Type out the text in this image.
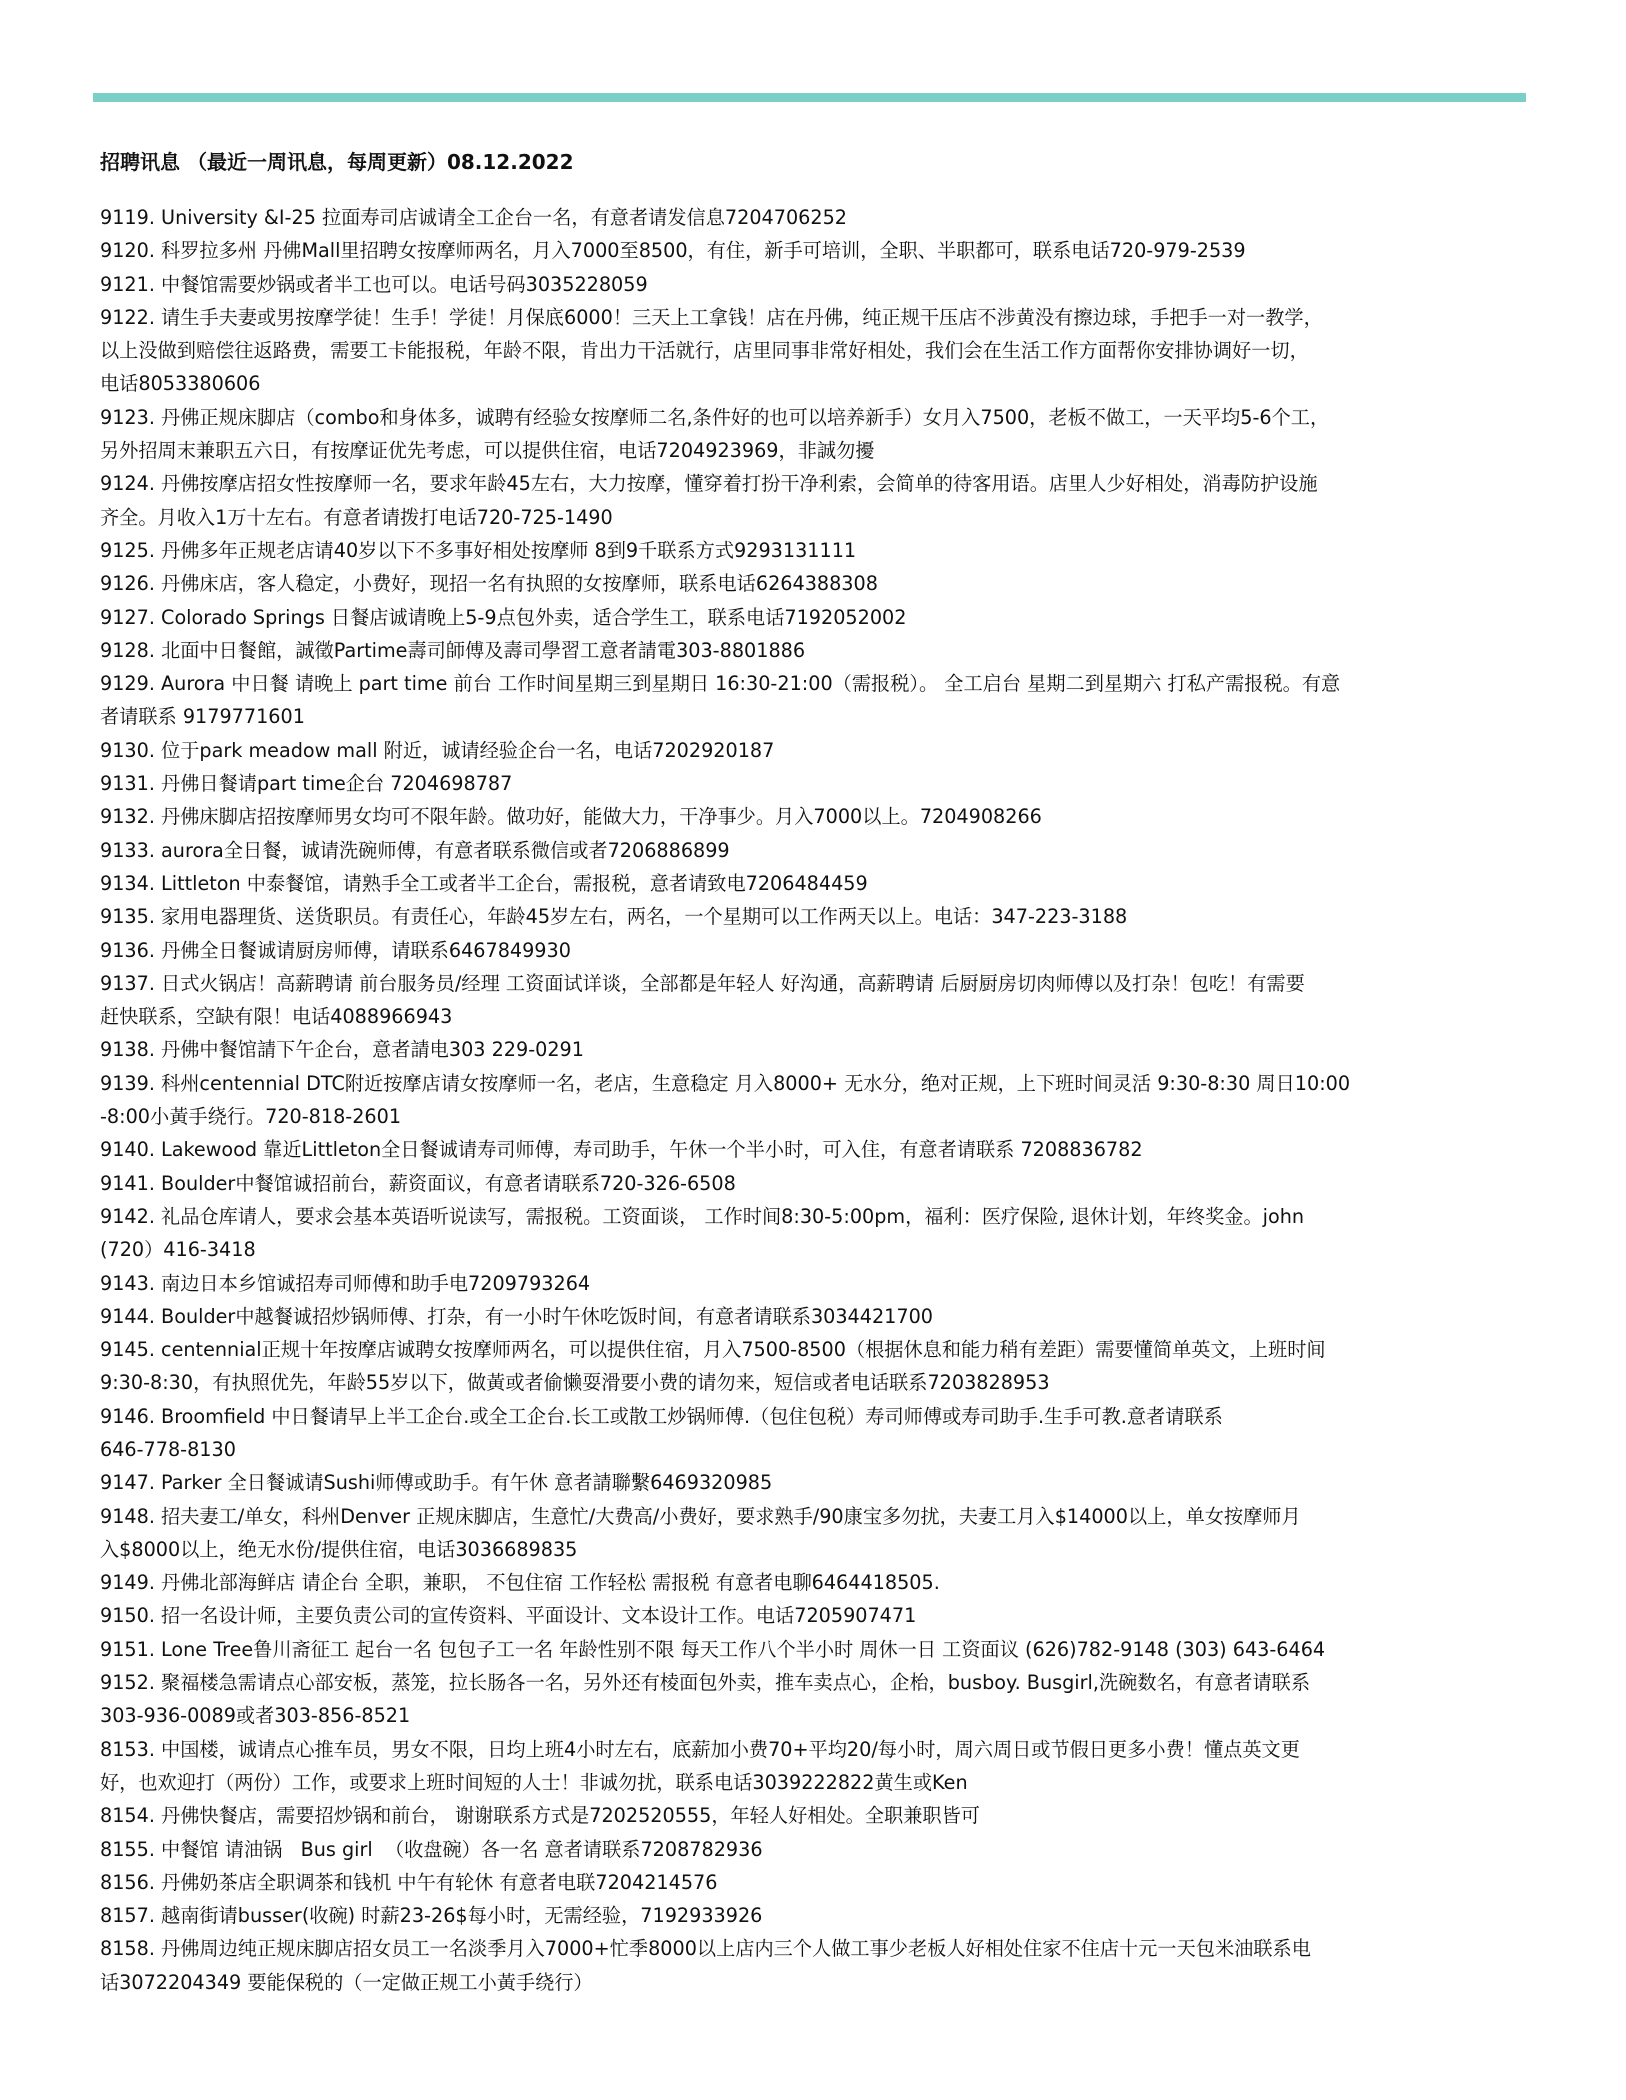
招聘讯息 （最近一周讯息，每周更新）08.12.2022
9119. University &I-25 拉面寿司店诚请全工企台一名，有意者请发信息7204706252
9120. 科罗拉多州 丹佛Mall里招聘女按摩师两名，月入7000至8500，有住，新手可培训，全职、半职都可，联系电话720-979-2539
9121. 中餐馆需要炒锅或者半工也可以。电话号码3035228059
9122. 请生手夫妻或男按摩学徒！生手！学徒！月保底6000！三天上工拿钱！店在丹佛，纯正规干压店不涉黄没有擦边球，手把手一对一教学，
以上没做到赔偿往返路费，需要工卡能报税，年龄不限，肯出力干活就行，店里同事非常好相处，我们会在生活工作方面帮你安排协调好一切，
电话8053380606
9123. 丹佛正规床脚店（combo和身体多，诚聘有经验女按摩师二名,条件好的也可以培养新手）女月入7500，老板不做工，一天平均5-6个工，
另外招周末兼职五六日，有按摩证优先考虑，可以提供住宿，电话7204923969，非誠勿擾
9124. 丹佛按摩店招女性按摩师一名，要求年龄45左右，大力按摩，懂穿着打扮干净利索，会简单的待客用语。店里人少好相处，消毒防护设施
齐全。月收入1万十左右。有意者请拨打电话720-725-1490
9125. 丹佛多年正规老店请40岁以下不多事好相处按摩师 8到9千联系方式9293131111
9126. 丹佛床店，客人稳定，小费好，现招一名有执照的女按摩师，联系电话6264388308
9127. Colorado Springs 日餐店诚请晚上5-9点包外卖，适合学生工，联系电话7192052002
9128. 北面中日餐館，誠徵Partime壽司師傅及壽司學習工意者請電303-8801886
9129. Aurora 中日餐 请晚上 part time 前台 工作时间星期三到星期日 16:30-21:00（需报税）。 全工启台 星期二到星期六 打私产需报税。有意
者请联系 9179771601
9130. 位于park meadow mall 附近，诚请经验企台一名，电话7202920187
9131. 丹佛日餐请part time企台 7204698787
9132. 丹佛床脚店招按摩师男女均可不限年龄。做功好，能做大力，干净事少。月入7000以上。7204908266
9133. aurora全日餐，诚请洗碗师傅，有意者联系微信或者7206886899
9134. Littleton 中泰餐馆，请熟手全工或者半工企台，需报税，意者请致电7206484459
9135. 家用电器理货、送货职员。有责任心，年龄45岁左右，两名，一个星期可以工作两天以上。电话：347-223-3188
9136. 丹佛全日餐诚请厨房师傅，请联系6467849930
9137. 日式火锅店！高薪聘请 前台服务员/经理 工资面试详谈，全部都是年轻人 好沟通，高薪聘请 后厨厨房切肉师傅以及打杂！包吃！有需要
赶快联系，空缺有限！电话4088966943
9138. 丹佛中餐馆請下午企台，意者請电303 229-0291
9139. 科州centennial DTC附近按摩店请女按摩师一名，老店，生意稳定 月入8000+ 无水分，绝对正规，上下班时间灵活 9:30-8:30 周日10:00
-8:00小黃手绕行。720-818-2601
9140. Lakewood 靠近Littleton全日餐诚请寿司师傅，寿司助手，午休一个半小时，可入住，有意者请联系 7208836782
9141. Boulder中餐馆诚招前台，薪资面议，有意者请联系720-326-6508
9142. 礼品仓库请人，要求会基本英语听说读写，需报税。工资面谈， 工作时间8:30-5:00pm，福利：医疗保险, 退休计划，年终奖金。john
(720）416-3418
9143. 南边日本乡馆诚招寿司师傅和助手电7209793264
9144. Boulder中越餐诚招炒锅师傅、打杂，有一小时午休吃饭时间，有意者请联系3034421700
9145. centennial正规十年按摩店诚聘女按摩师两名，可以提供住宿，月入7500-8500（根据休息和能力稍有差距）需要懂简单英文，上班时间
9:30-8:30，有执照优先，年龄55岁以下，做黃或者偷懒耍滑要小费的请勿来，短信或者电话联系7203828953
9146. Broomfield 中日餐请早上半工企台.或全工企台.长工或散工炒锅师傅.（包住包税）寿司师傅或寿司助手.生手可教.意者请联系
646-778-8130
9147. Parker 全日餐诚请Sushi师傅或助手。有午休 意者請聯繫6469320985
9148. 招夫妻工/单女，科州Denver 正规床脚店，生意忙/大费高/小费好，要求熟手/90康宝多勿扰，夫妻工月入$14000以上，单女按摩师月
入$8000以上，绝无水份/提供住宿，电话3036689835
9149. 丹佛北部海鲜店 请企台 全职，兼职， 不包住宿 工作轻松 需报税 有意者电聊6464418505.
9150. 招一名设计师，主要负责公司的宣传资料、平面设计、文本设计工作。电话7205907471
9151. Lone Tree鲁川斋征工 起台一名 包包子工一名 年龄性别不限 每天工作八个半小时 周休一日 工资面议 (626)782-9148 (303) 643-6464
9152. 聚福楼急需请点心部安板，蒸笼，拉长肠各一名，另外还有棱面包外卖，推车卖点心，企枱，busboy. Busgirl,洗碗数名，有意者请联系
303-936-0089或者303-856-8521
8153. 中国楼，诚请点心推车员，男女不限，日均上班4小时左右，底薪加小费70+平均20/每小时，周六周日或节假日更多小费！懂点英文更
好，也欢迎打（两份）工作，或要求上班时间短的人士！非诚勿扰，联系电话3039222822黄生或Ken
8154. 丹佛快餐店，需要招炒锅和前台， 谢谢联系方式是7202520555，年轻人好相处。全职兼职皆可
8155. 中餐馆 请油锅   Bus girl  （收盘碗）各一名 意者请联系7208782936
8156. 丹佛奶茶店全职调茶和钱机 中午有轮休 有意者电联7204214576
8157. 越南街请busser(收碗) 时薪23-26$每小时，无需经验，7192933926
8158. 丹佛周边纯正规床脚店招女员工一名淡季月入7000+忙季8000以上店内三个人做工事少老板人好相处住家不住店十元一天包米油联系电
话3072204349 要能保税的（一定做正规工小黃手绕行）
